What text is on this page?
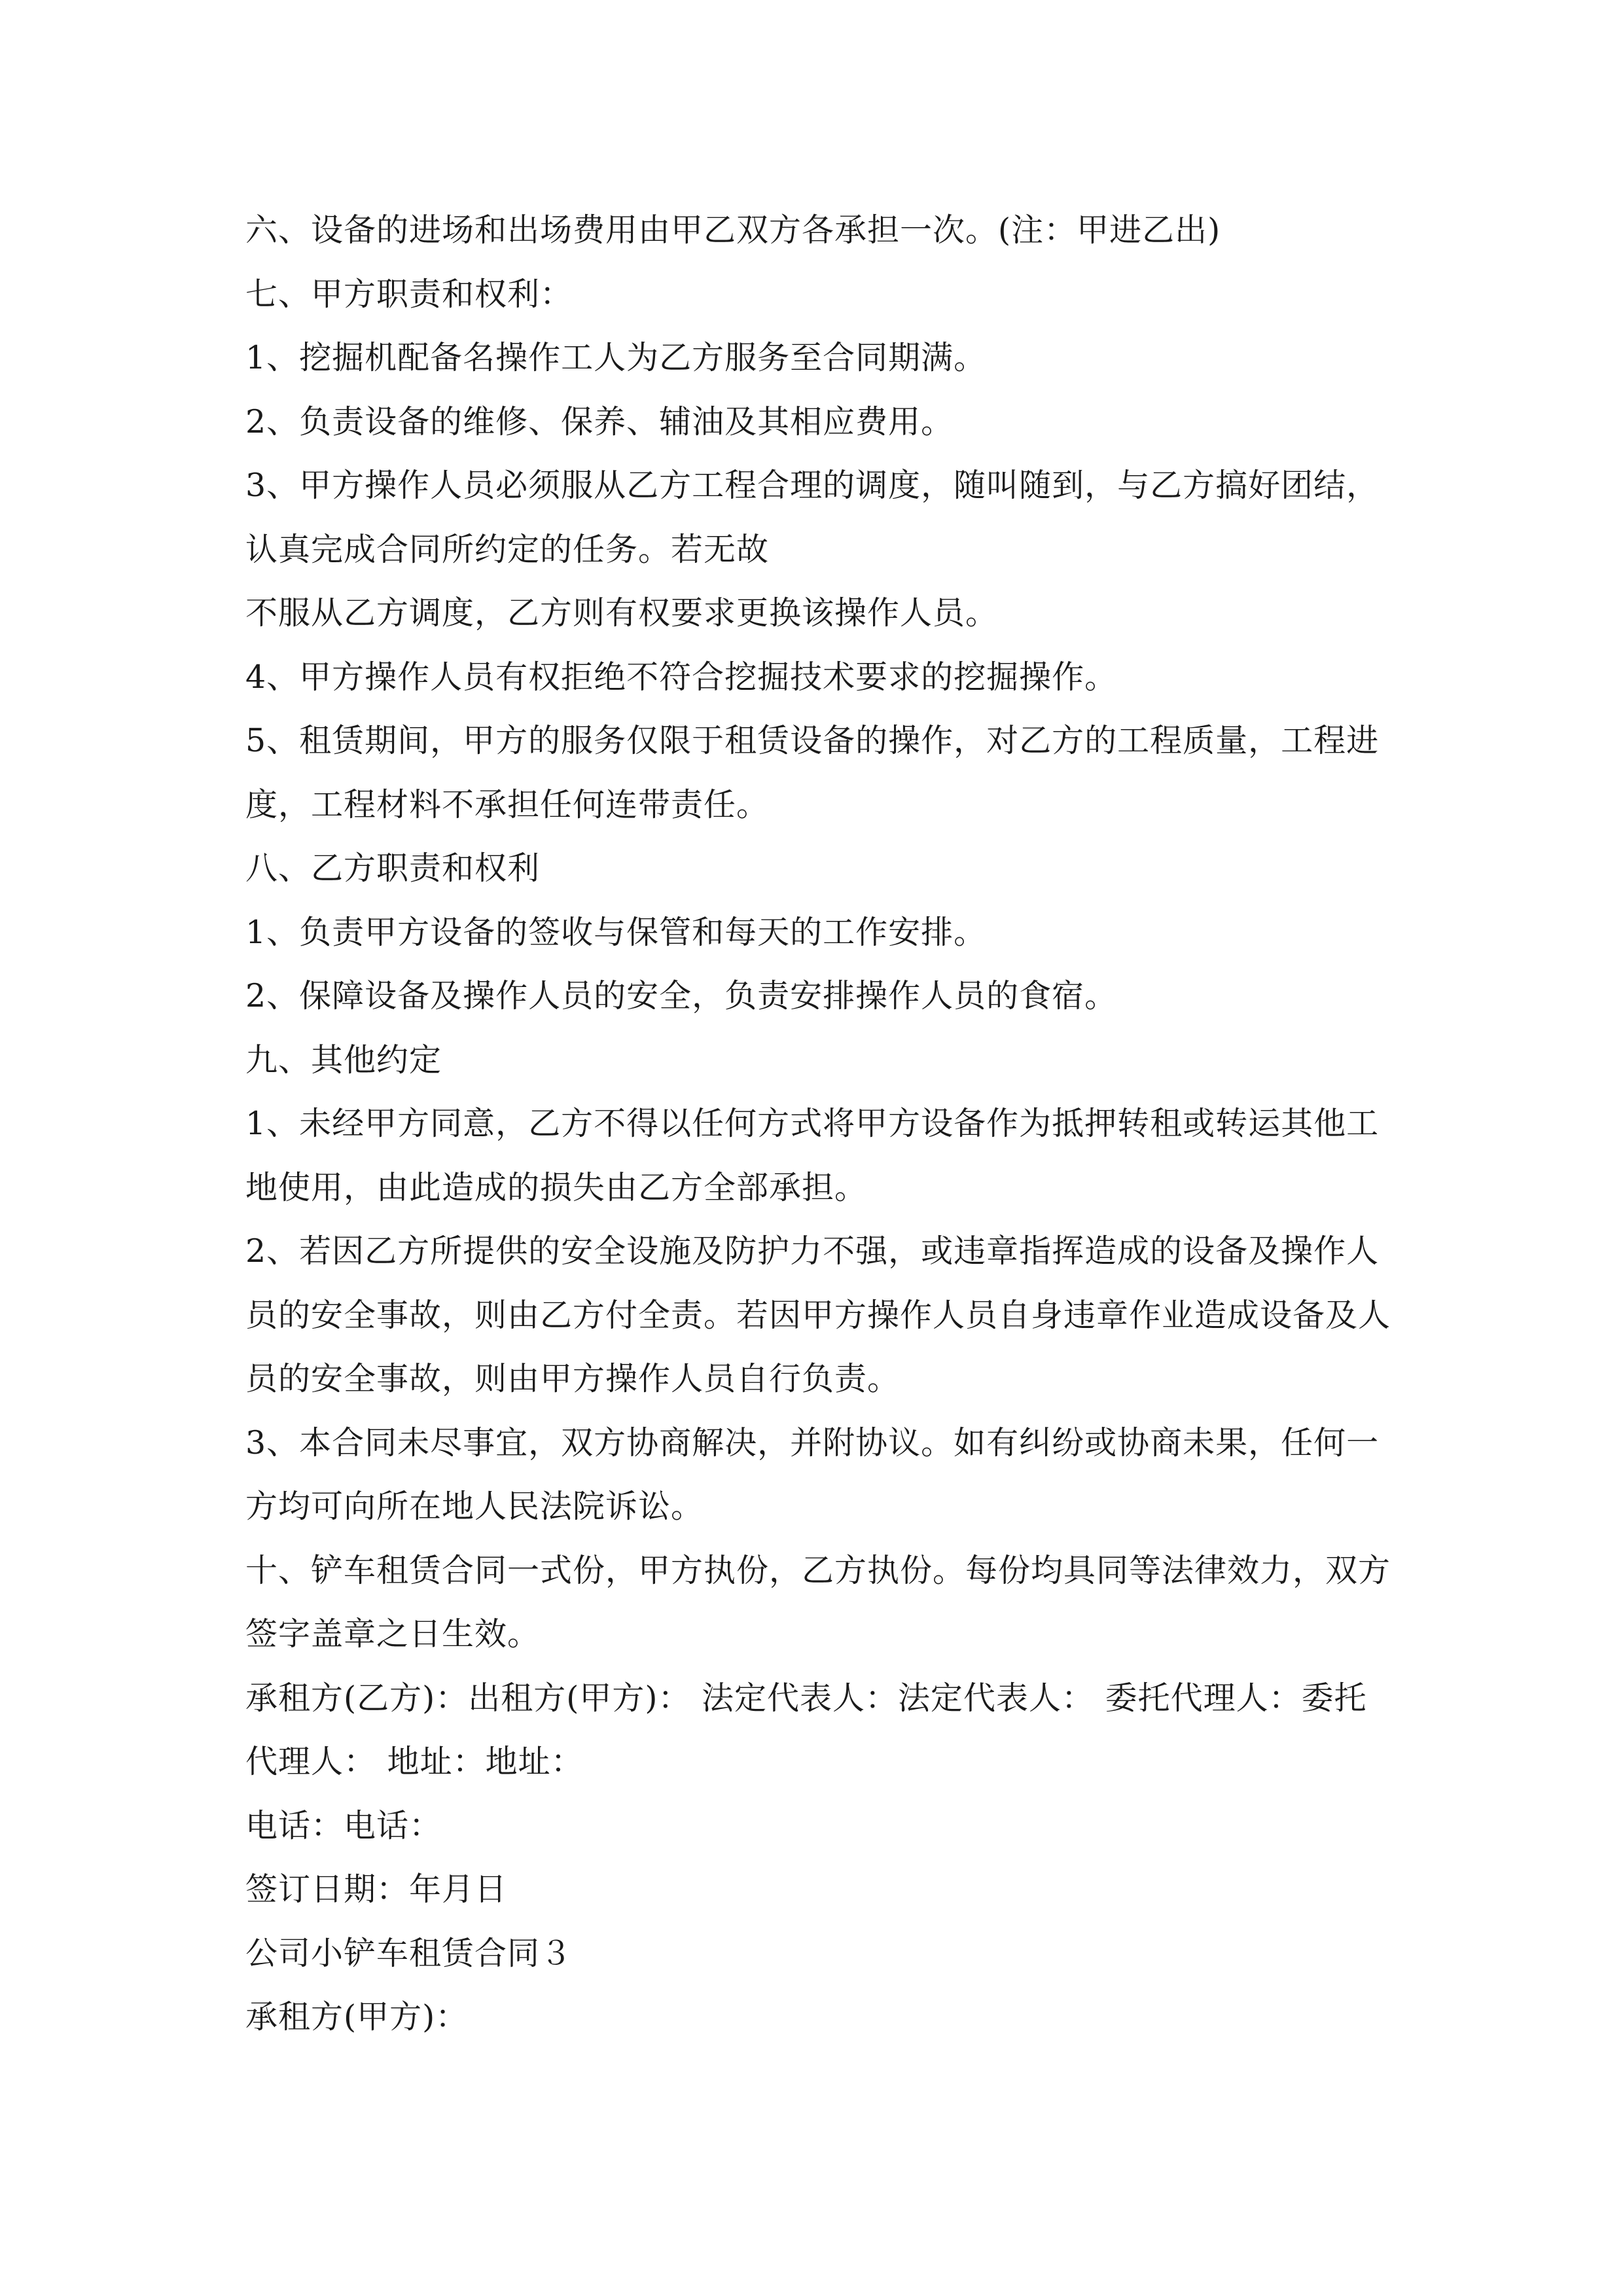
六、设备的进场和出场费用由甲乙双方各承担一次。(注：甲进乙出)
七、甲方职责和权利：
1、挖掘机配备名操作工人为乙方服务至合同期满。
2、负责设备的维修、保养、辅油及其相应费用。
3、甲方操作人员必须服从乙方工程合理的调度，随叫随到，与乙方搞好团结，
认真完成合同所约定的任务。若无故
不服从乙方调度，乙方则有权要求更换该操作人员。
4、甲方操作人员有权拒绝不符合挖掘技术要求的挖掘操作。
5、租赁期间，甲方的服务仅限于租赁设备的操作，对乙方的工程质量，工程进
度，工程材料不承担任何连带责任。
八、乙方职责和权利
1、负责甲方设备的签收与保管和每天的工作安排。
2、保障设备及操作人员的安全，负责安排操作人员的食宿。
九、其他约定
1、未经甲方同意，乙方不得以任何方式将甲方设备作为抵押转租或转运其他工
地使用，由此造成的损失由乙方全部承担。
2、若因乙方所提供的安全设施及防护力不强，或违章指挥造成的设备及操作人
员的安全事故，则由乙方付全责。若因甲方操作人员自身违章作业造成设备及人
员的安全事故，则由甲方操作人员自行负责。
3、本合同未尽事宜，双方协商解决，并附协议。如有纠纷或协商未果，任何一
方均可向所在地人民法院诉讼。
十、铲车租赁合同一式份，甲方执份，乙方执份。每份均具同等法律效力，双方
签字盖章之日生效。
承租方(乙方)：出租方(甲方)： 法定代表人：法定代表人： 委托代理人：委托
代理人： 地址：地址：
电话：电话：
签订日期：年月日
公司小铲车租赁合同３
承租方(甲方)：
